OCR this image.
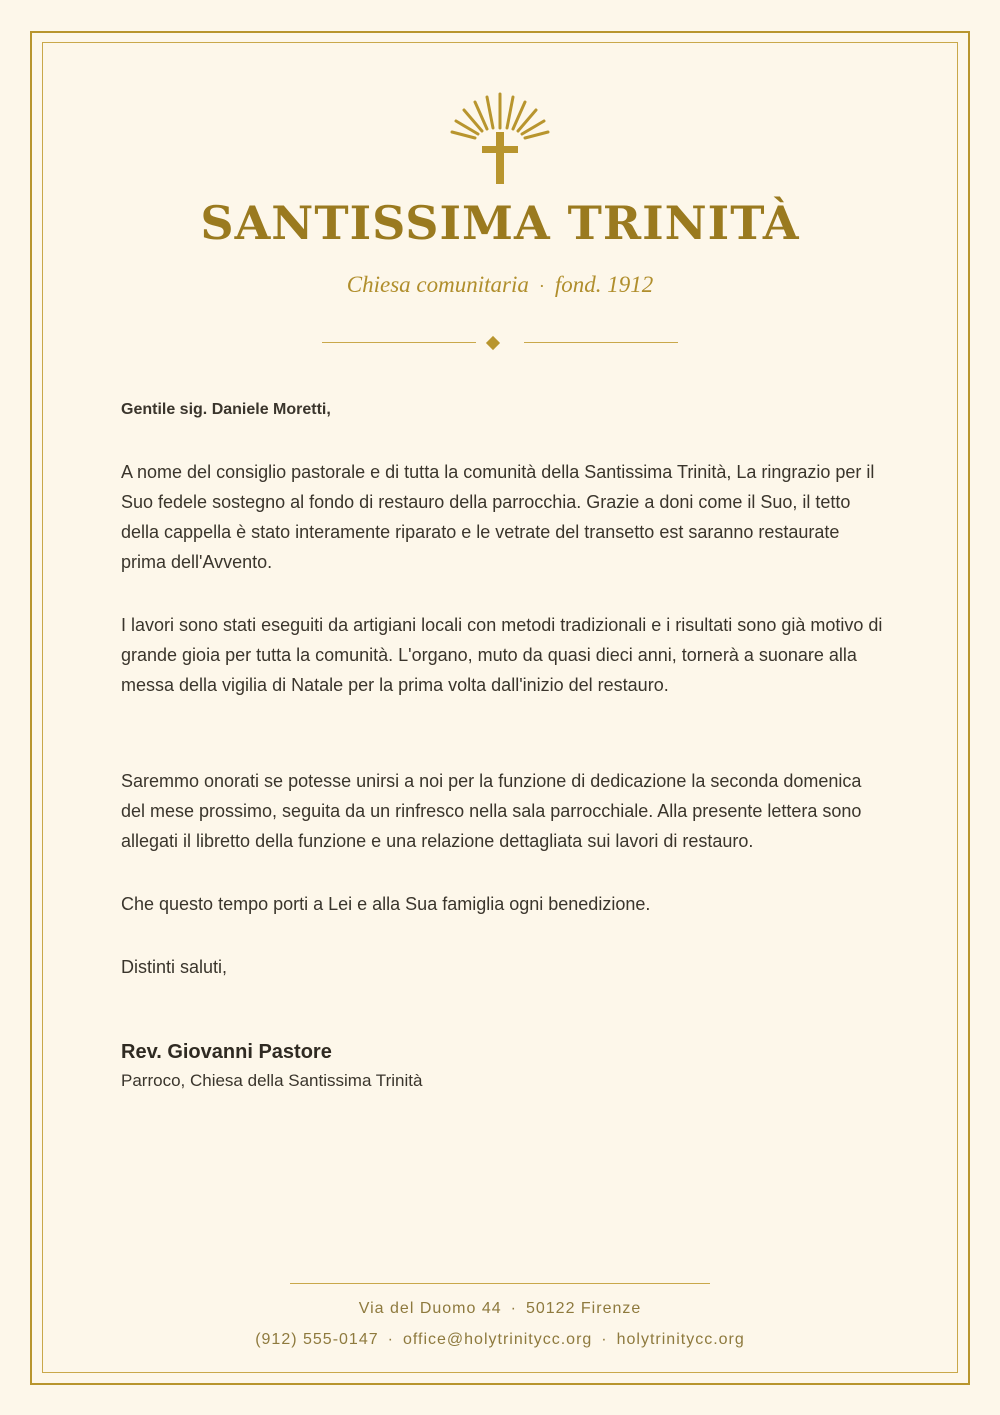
SANTISSIMA TRINITÀ
Chiesa comunitaria · fond. 1912

Gentile sig. Daniele Moretti,

A nome del consiglio pastorale e di tutta la comunità della Santissima Trinità, La ringrazio per il Suo fedele sostegno al fondo di restauro della parrocchia. Grazie a doni come il Suo, il tetto della cappella è stato interamente riparato e le vetrate del transetto est saranno restaurate prima dell'Avvento.

I lavori sono stati eseguiti da artigiani locali con metodi tradizionali e i risultati sono già motivo di grande gioia per tutta la comunità. L'organo, muto da quasi dieci anni, tornerà a suonare alla messa della vigilia di Natale per la prima volta dall'inizio del restauro.

Saremmo onorati se potesse unirsi a noi per la funzione di dedicazione la seconda domenica del mese prossimo, seguita da un rinfresco nella sala parrocchiale. Alla presente lettera sono allegati il libretto della funzione e una relazione dettagliata sui lavori di restauro.

Che questo tempo porti a Lei e alla Sua famiglia ogni benedizione.

Distinti saluti,

Rev. Giovanni Pastore

Parroco, Chiesa della Santissima Trinità

Via del Duomo 44 · 50122 Firenze
(912) 555-0147 · office@holytrinitycc.org · holytrinitycc.org
